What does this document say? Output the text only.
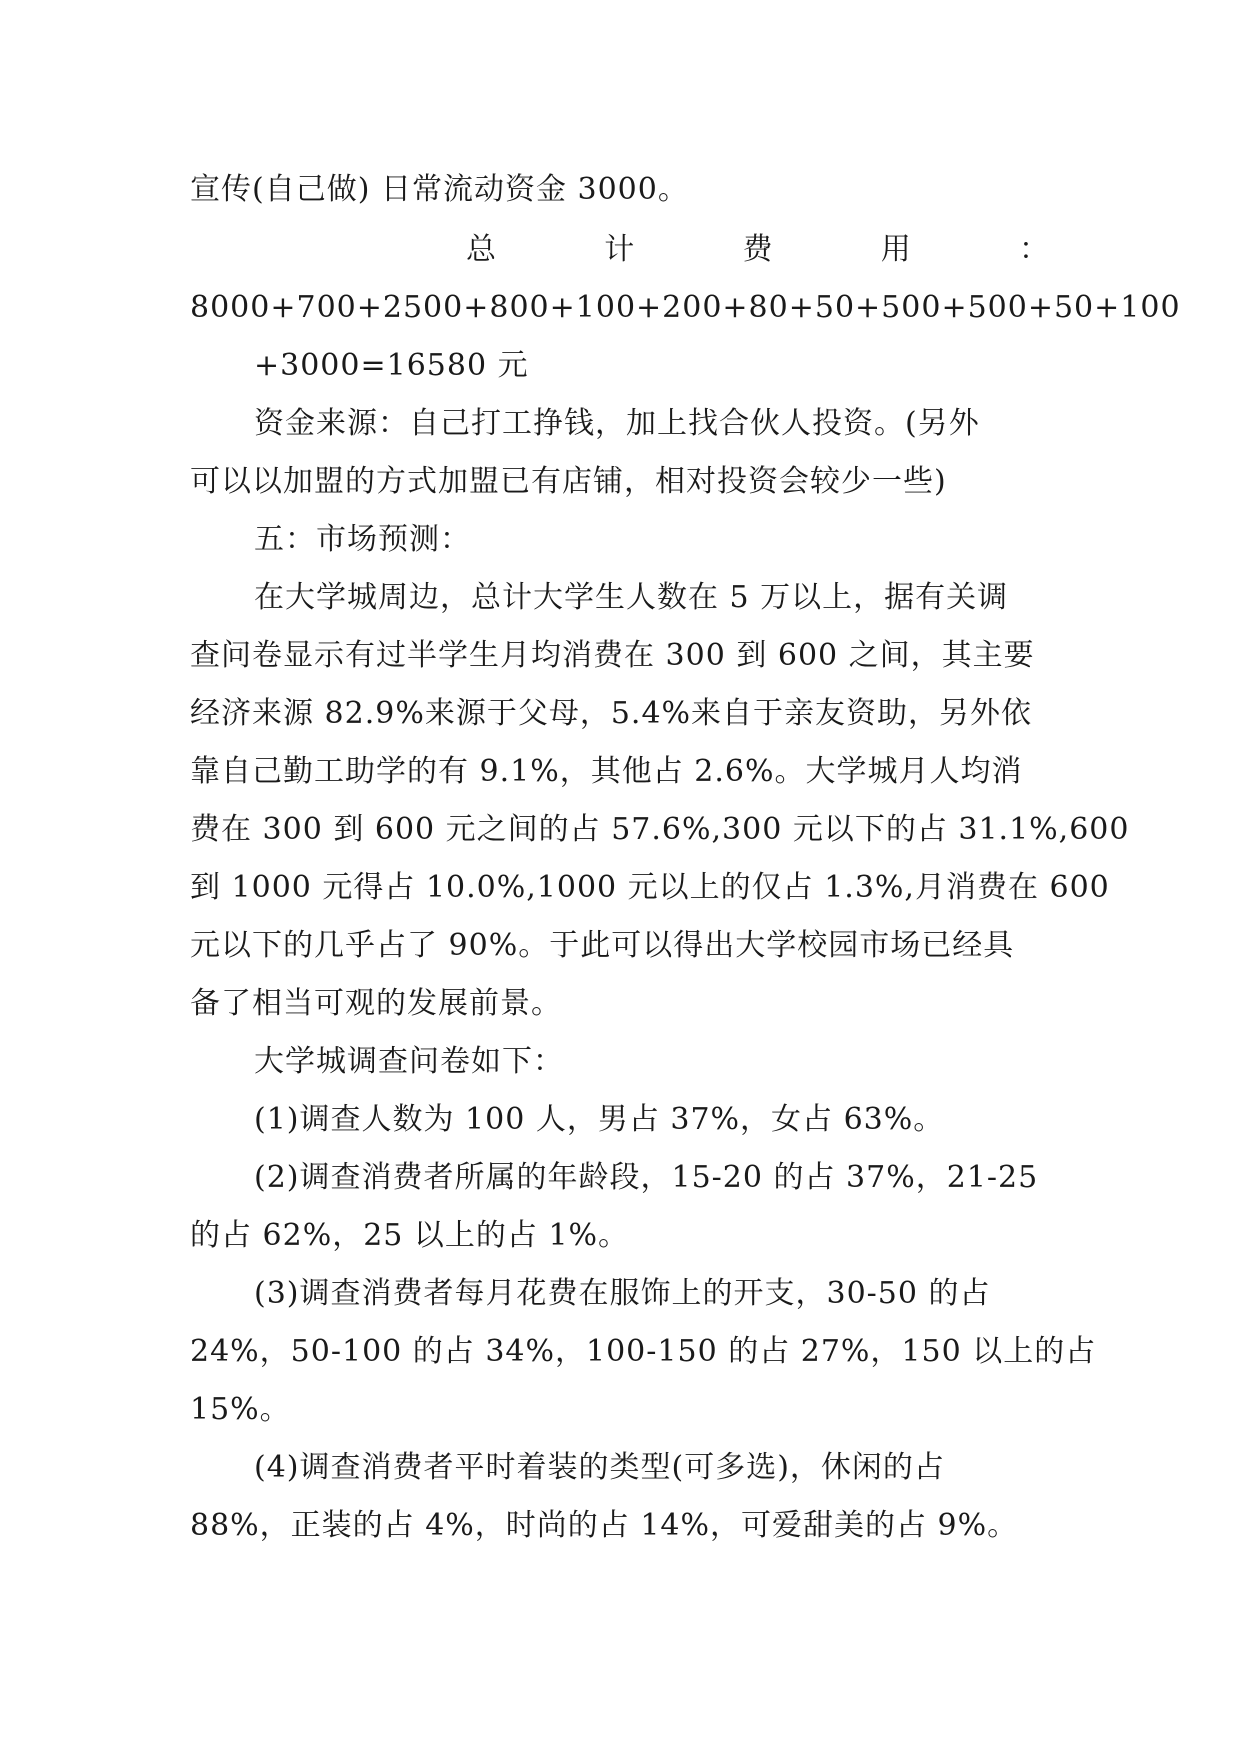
宣传(自己做) 日常流动资金 3000。
总	计	费	用	：
8000+700+2500+800+100+200+80+50+500+500+50+100
+3000=16580 元
资金来源：自己打工挣钱，加上找合伙人投资。(另外
可以以加盟的方式加盟已有店铺，相对投资会较少一些)
五：市场预测：
在大学城周边，总计大学生人数在 5 万以上，据有关调
查问卷显示有过半学生月均消费在 300 到 600 之间，其主要
经济来源 82.9%来源于父母，5.4%来自于亲友资助，另外依
靠自己勤工助学的有 9.1%，其他占 2.6%。大学城月人均消
费在 300 到 600 元之间的占 57.6%,300 元以下的占 31.1%,600
到 1000 元得占 10.0%,1000 元以上的仅占 1.3%,月消费在 600
元以下的几乎占了 90%。于此可以得出大学校园市场已经具
备了相当可观的发展前景。
大学城调查问卷如下：
(1)调查人数为 100 人，男占 37%，女占 63%。
(2)调查消费者所属的年龄段，15-20 的占 37%，21-25
的占 62%，25 以上的占 1%。
(3)调查消费者每月花费在服饰上的开支，30-50 的占
24%，50-100 的占 34%，100-150 的占 27%，150 以上的占
15%。
(4)调查消费者平时着装的类型(可多选)，休闲的占
88%，正装的占 4%，时尚的占 14%，可爱甜美的占 9%。
